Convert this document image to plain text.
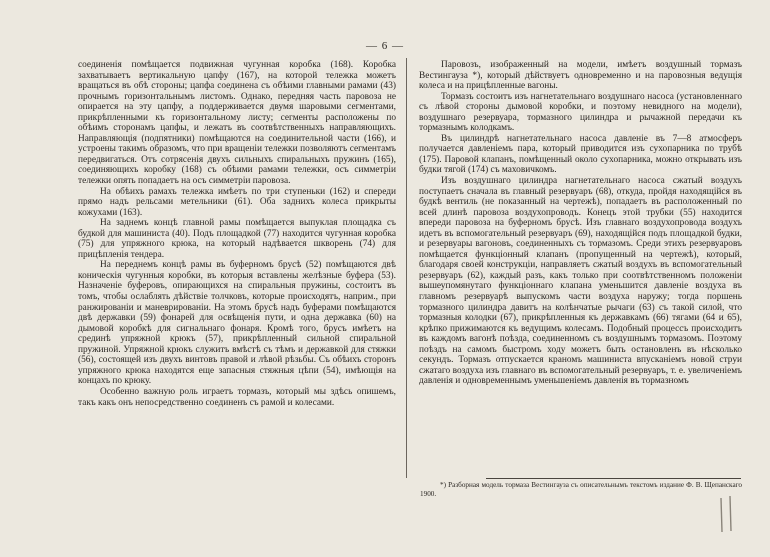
— 6 —

соединенія помѣщается подвижная чугунная коробка (168). Коробка захватываетъ вертикальную цапфу (167), на которой тележка можетъ вращаться въ обѣ стороны; цапфа соединена съ обѣими главными рамами (43) прочнымъ горизонтальнымъ листомъ. Однако, передняя часть паровоза не опирается на эту цапфу, а поддерживается двумя шаровыми сегментами, прикрѣпленными къ горизонтальному листу; сегменты расположены по обѣимъ сторонамъ цапфы, и лежатъ въ соотвѣтственныхъ направляющихъ. Направляющія (подпятники) помѣщаются на соединительной части (166), и устроены такимъ образомъ, что при вращеніи тележки позволяютъ сегментамъ передвигаться. Отъ сотрясенія двухъ сильныхъ спиральныхъ пружинъ (165), соединяющихъ коробку (168) съ обѣими рамами тележки, осъ симметріи тележки опять попадаетъ на осъ симметріи паровоза.

На обѣихъ рамахъ тележка имѣетъ по три ступеньки (162) и спереди прямо надъ рельсами метельники (61). Оба заднихъ колеса прикрыты кожухами (163).

На заднемъ концѣ главной рамы помѣщается выпуклая площадка съ будкой для машиниста (40). Подъ площадкой (77) находится чугунная коробка (75) для упряжного крюка, на который надѣвается шкворень (74) для прицѣпленія тендера.

На переднемъ концѣ рамы въ буферномъ брусѣ (52) помѣщаются двѣ коническія чугунныя коробки, въ которыя вставлены желѣзные буфера (53). Назначеніе буферовъ, опирающихся на спиральныя пружины, состоитъ въ томъ, чтобы ослаблять дѣйствіе толчковъ, которые происходятъ, наприм., при ранжированіи и маневрированіи. На этомъ брусѣ надъ буферами помѣщаются двѣ державки (59) фонарей для освѣщенія пути, и одна державка (60) на дымовой коробкѣ для сигнальнаго фонаря. Кромѣ того, брусъ имѣетъ на срединѣ упряжной крюкъ (57), прикрѣпленный сильной спиральной пружиной. Упряжной крюкъ служитъ вмѣстѣ съ тѣмъ и державкой для стяжки (56), состоящей изъ двухъ винтовъ правой и лѣвой рѣзьбы. Съ обѣихъ сторонъ упряжного крюка находятся еще запасныя стяжныя цѣпи (54), имѣющія на концахъ по крюку.

Особенно важную роль играетъ тормазъ, который мы здѣсь опишемъ, такъ какъ онъ непосредственно соединенъ съ рамой и колесами.

Паровозъ, изображенный на модели, имѣетъ воздушный тормазъ Вестингауза *), который дѣйствуетъ одновременно и на паровозныя ведущія колеса и на прицѣпленные вагоны.

Тормазъ состоитъ изъ нагнетательнаго воздушнаго насоса (установленнаго съ лѣвой стороны дымовой коробки, и поэтому невидного на модели), воздушнаго резервуара, тормазного цилиндра и рычажной передачи къ тормазнымъ колодкамъ.

Въ цилиндрѣ нагнетательнаго насоса давленіе въ 7—8 атмосферъ получается давленіемъ пара, который приводится изъ сухопарника по трубѣ (175). Паровой клапанъ, помѣщенный около сухопарника, можно открывать изъ будки тягой (174) съ маховичкомъ.

Изъ воздушнаго цилиндра нагнетательнаго насоса сжатый воздухъ поступаетъ сначала въ главный резервуаръ (68), откуда, пройдя находящійся въ будкѣ вентиль (не показанный на чертежѣ), попадаетъ въ расположенный по всей длинѣ паровоза воздухопроводъ. Конецъ этой трубки (55) находится впереди паровоза на буферномъ брусѣ. Изъ главнаго воздухопровода воздухъ идетъ въ вспомогательный резервуаръ (69), находящійся подъ площадкой будки, и резервуары вагоновъ, соединенныхъ съ тормазомъ. Среди этихъ резервуаровъ помѣщается функціонный клапанъ (пропущенный на чертежѣ), который, благодаря своей конструкціи, направляетъ сжатый воздухъ въ вспомогательный резервуаръ (62), каждый разъ, какъ только при соотвѣтственномъ положеніи вышеупомянутаго функціоннаго клапана уменьшится давленіе воздуха въ главномъ резервуарѣ выпускомъ части воздуха наружу; тогда поршень тормазного цилиндра давитъ на колѣнчатые рычаги (63) съ такой силой, что тормазныя колодки (67), прикрѣпленныя къ державкамъ (66) тягами (64 и 65), крѣпко прижимаются къ ведущимъ колесамъ. Подобный процессъ происходитъ въ каждомъ вагонѣ поѣзда, соединенномъ съ воздушнымъ тормазомъ. Поэтому поѣздъ на самомъ быстромъ ходу можетъ быть остановленъ въ нѣсколько секундъ. Тормазъ отпускается краномъ машиниста впусканіемъ новой струи сжатаго воздуха изъ главнаго въ вспомогательный резервуаръ, т. е. увеличеніемъ давленія и одновременнымъ уменьшеніемъ давленія въ тормазномъ

*) Разборная модель тормаза Вестингауза съ описательнымъ текстомъ издание Ф. В. Щепанскаго 1900.
